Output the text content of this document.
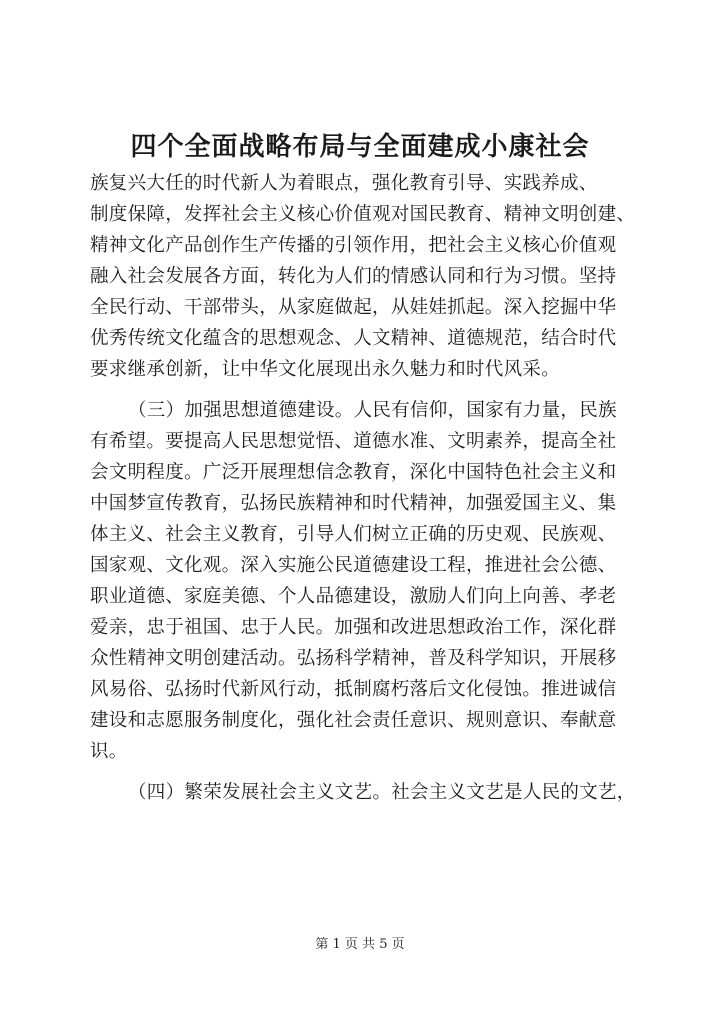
四个全面战略布局与全面建成小康社会
族复兴大任的时代新人为着眼点，强化教育引导、实践养成、
制度保障，发挥社会主义核心价值观对国民教育、精神文明创建、
精神文化产品创作生产传播的引领作用，把社会主义核心价值观
融入社会发展各方面，转化为人们的情感认同和行为习惯。坚持
全民行动、干部带头，从家庭做起，从娃娃抓起。深入挖掘中华
优秀传统文化蕴含的思想观念、人文精神、道德规范，结合时代
要求继承创新，让中华文化展现出永久魅力和时代风采。
（三）加强思想道德建设。人民有信仰，国家有力量，民族
有希望。要提高人民思想觉悟、道德水准、文明素养，提高全社
会文明程度。广泛开展理想信念教育，深化中国特色社会主义和
中国梦宣传教育，弘扬民族精神和时代精神，加强爱国主义、集
体主义、社会主义教育，引导人们树立正确的历史观、民族观、
国家观、文化观。深入实施公民道德建设工程，推进社会公德、
职业道德、家庭美德、个人品德建设，激励人们向上向善、孝老
爱亲，忠于祖国、忠于人民。加强和改进思想政治工作，深化群
众性精神文明创建活动。弘扬科学精神，普及科学知识，开展移
风易俗、弘扬时代新风行动，抵制腐朽落后文化侵蚀。推进诚信
建设和志愿服务制度化，强化社会责任意识、规则意识、奉献意
识。
（四）繁荣发展社会主义文艺。社会主义文艺是人民的文艺，
第 1 页 共 5 页
